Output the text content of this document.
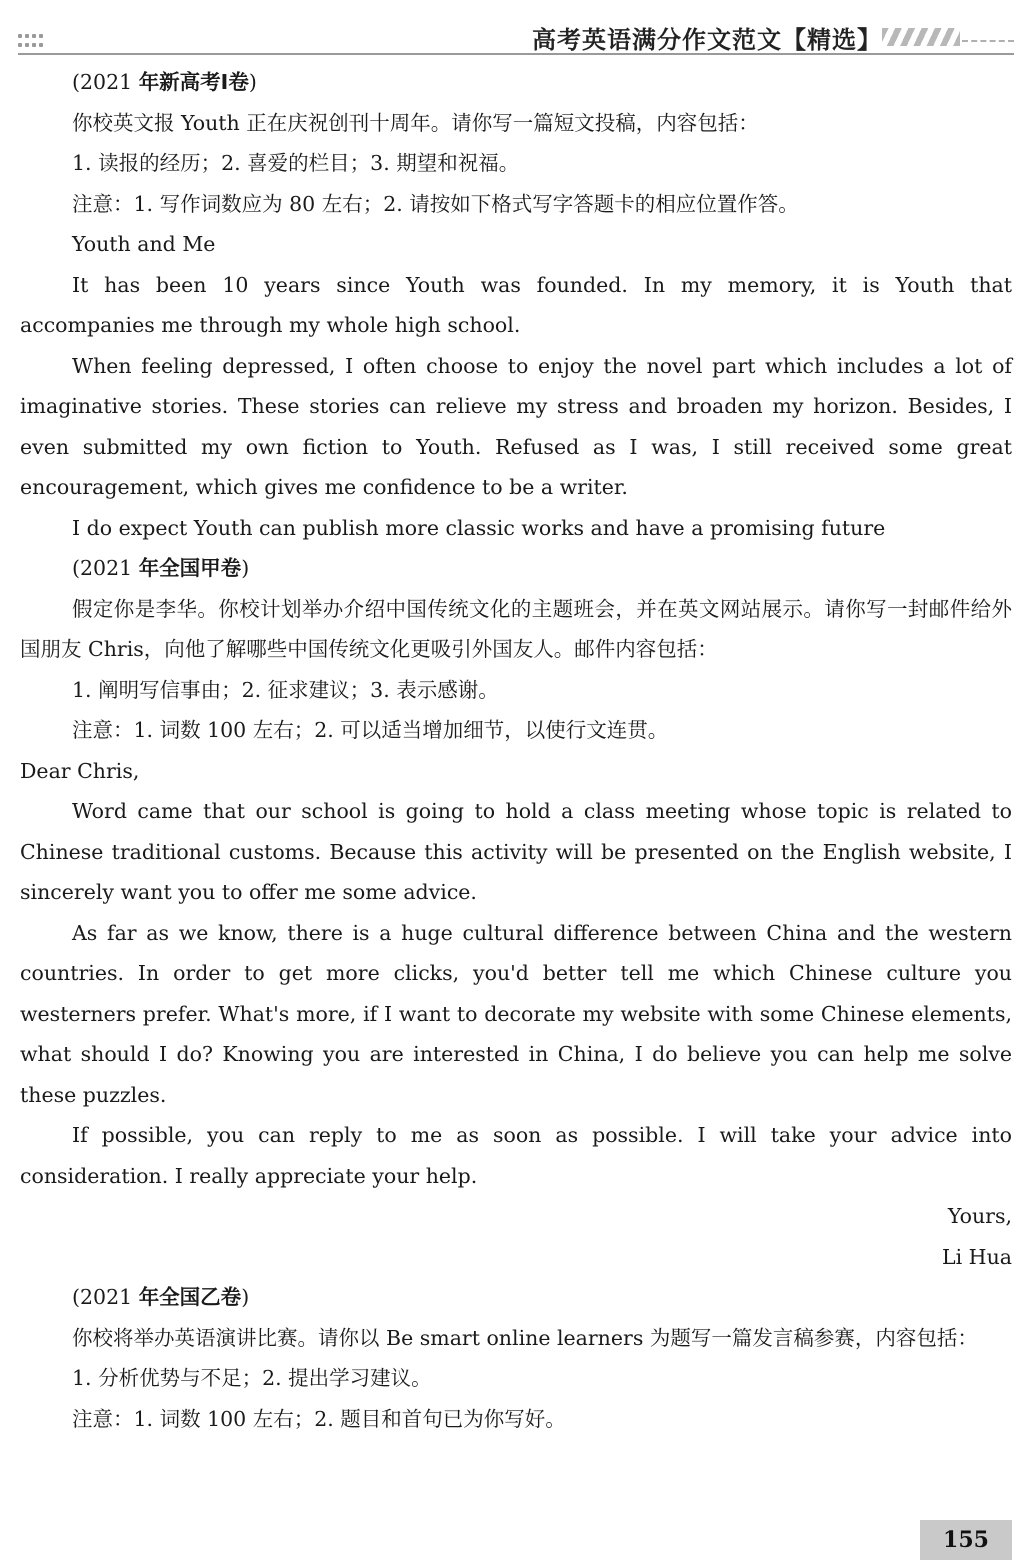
高考英语满分作文范文【精选】

(2021 年新高考Ⅰ卷)

你校英文报 Youth 正在庆祝创刊十周年。请你写一篇短文投稿，内容包括：

1. 读报的经历；2. 喜爱的栏目；3. 期望和祝福。

注意：1. 写作词数应为 80 左右；2. 请按如下格式写字答题卡的相应位置作答。

Youth and Me

It has been 10 years since Youth was founded. In my memory, it is Youth that accompanies me through my whole high school.

When feeling depressed, I often choose to enjoy the novel part which includes a lot of imaginative stories. These stories can relieve my stress and broaden my horizon. Besides, I even submitted my own fiction to Youth. Refused as I was, I still received some great encouragement, which gives me confidence to be a writer.

I do expect Youth can publish more classic works and have a promising future

(2021 年全国甲卷)

假定你是李华。你校计划举办介绍中国传统文化的主题班会，并在英文网站展示。请你写一封邮件给外国朋友 Chris，向他了解哪些中国传统文化更吸引外国友人。邮件内容包括：

1. 阐明写信事由；2. 征求建议；3. 表示感谢。

注意：1. 词数 100 左右；2. 可以适当增加细节，以使行文连贯。

Dear Chris,

Word came that our school is going to hold a class meeting whose topic is related to Chinese traditional customs. Because this activity will be presented on the English website, I sincerely want you to offer me some advice.

As far as we know, there is a huge cultural difference between China and the western countries. In order to get more clicks, you'd better tell me which Chinese culture you westerners prefer. What's more, if I want to decorate my website with some Chinese elements, what should I do? Knowing you are interested in China, I do believe you can help me solve these puzzles.

If possible, you can reply to me as soon as possible. I will take your advice into consideration. I really appreciate your help.

Yours,

Li Hua

(2021 年全国乙卷)

你校将举办英语演讲比赛。请你以 Be smart online learners 为题写一篇发言稿参赛，内容包括：

1. 分析优势与不足；2. 提出学习建议。

注意：1. 词数 100 左右；2. 题目和首句已为你写好。

155
